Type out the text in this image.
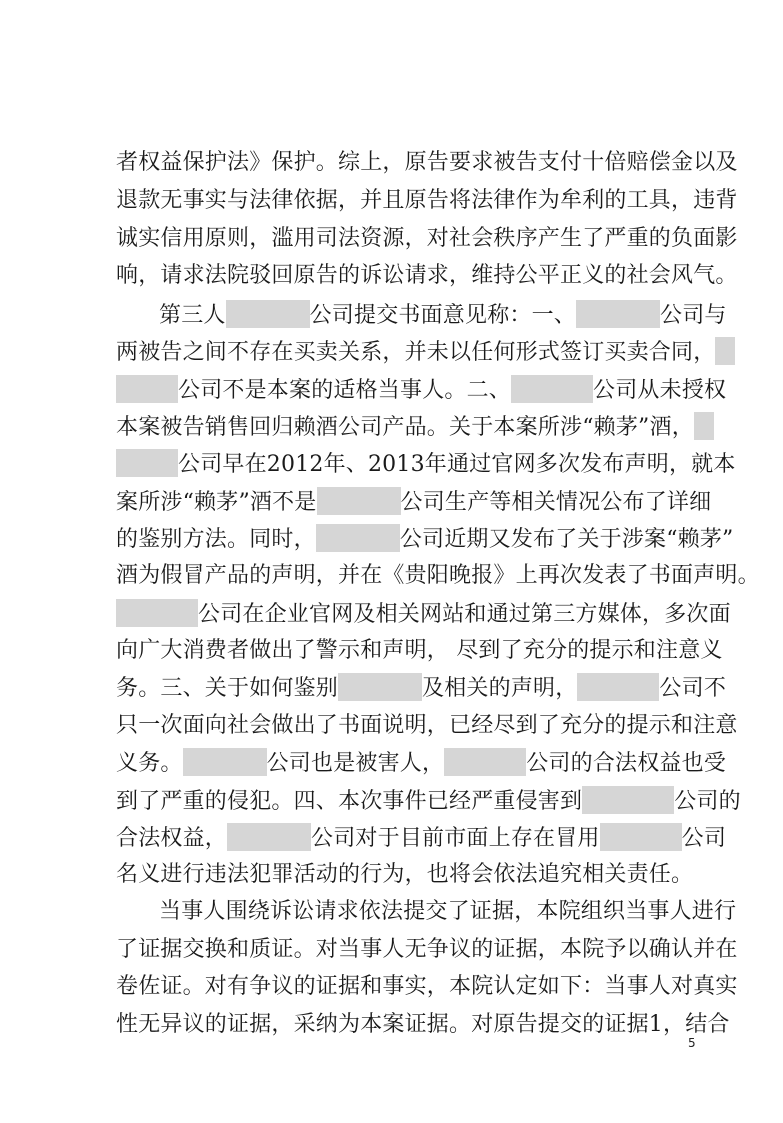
者权益保护法》保护。综上，原告要求被告支付十倍赔偿金以及
退款无事实与法律依据，并且原告将法律作为牟利的工具，违背
诚实信用原则，滥用司法资源，对社会秩序产生了严重的负面影
响，请求法院驳回原告的诉讼请求，维持公平正义的社会风气。
第三人	公司提交书面意见称：一、	公司与
两被告之间不存在买卖关系，并未以任何形式签订买卖合同，
公司不是本案的适格当事人。二、	公司从未授权
本案被告销售回归赖酒公司产品。关于本案所涉“赖茅”酒，
公司早在2012年、2013年通过官网多次发布声明，就本
案所涉“赖茅”酒不是	公司生产等相关情况公布了详细
的鉴别方法。同时，	公司近期又发布了关于涉案“赖茅”
酒为假冒产品的声明，并在《贵阳晚报》上再次发表了书面声明。
公司在企业官网及相关网站和通过第三方媒体，多次面
向广大消费者做出了警示和声明， 尽到了充分的提示和注意义
务。三、关于如何鉴别	及相关的声明，	公司不
只一次面向社会做出了书面说明，已经尽到了充分的提示和注意
义务。	公司也是被害人，	公司的合法权益也受
到了严重的侵犯。四、本次事件已经严重侵害到	公司的
合法权益，	公司对于目前市面上存在冒用	公司
名义进行违法犯罪活动的行为，也将会依法追究相关责任。
当事人围绕诉讼请求依法提交了证据，本院组织当事人进行
了证据交换和质证。对当事人无争议的证据，本院予以确认并在
卷佐证。对有争议的证据和事实，本院认定如下：当事人对真实
性无异议的证据，采纳为本案证据。对原告提交的证据1，结合
5
